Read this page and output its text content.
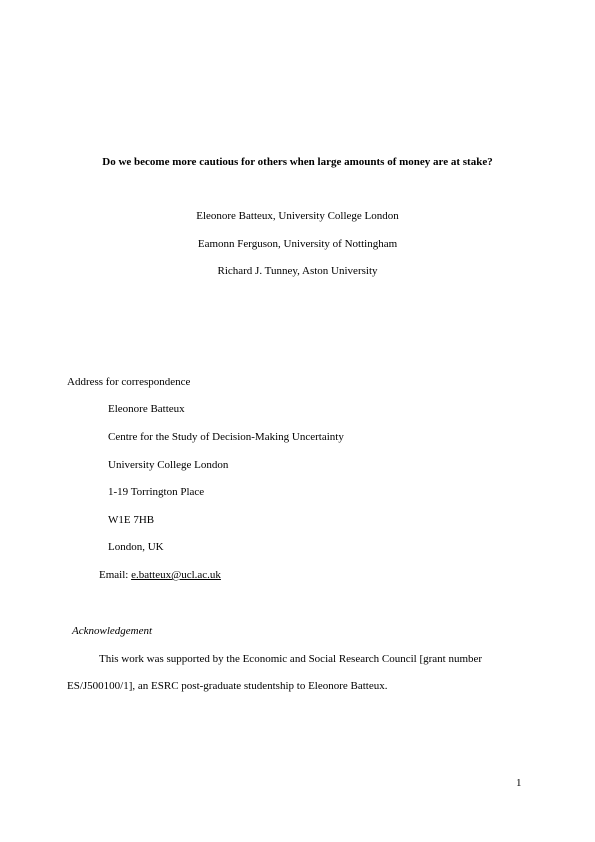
Do we become more cautious for others when large amounts of money are at stake?
Eleonore Batteux, University College London
Eamonn Ferguson, University of Nottingham
Richard J. Tunney, Aston University
Address for correspondence
Eleonore Batteux
Centre for the Study of Decision-Making Uncertainty
University College London
1-19 Torrington Place
W1E 7HB
London, UK
Email: e.batteux@ucl.ac.uk
Acknowledgement
This work was supported by the Economic and Social Research Council [grant number
ES/J500100/1], an ESRC post-graduate studentship to Eleonore Batteux.
1
